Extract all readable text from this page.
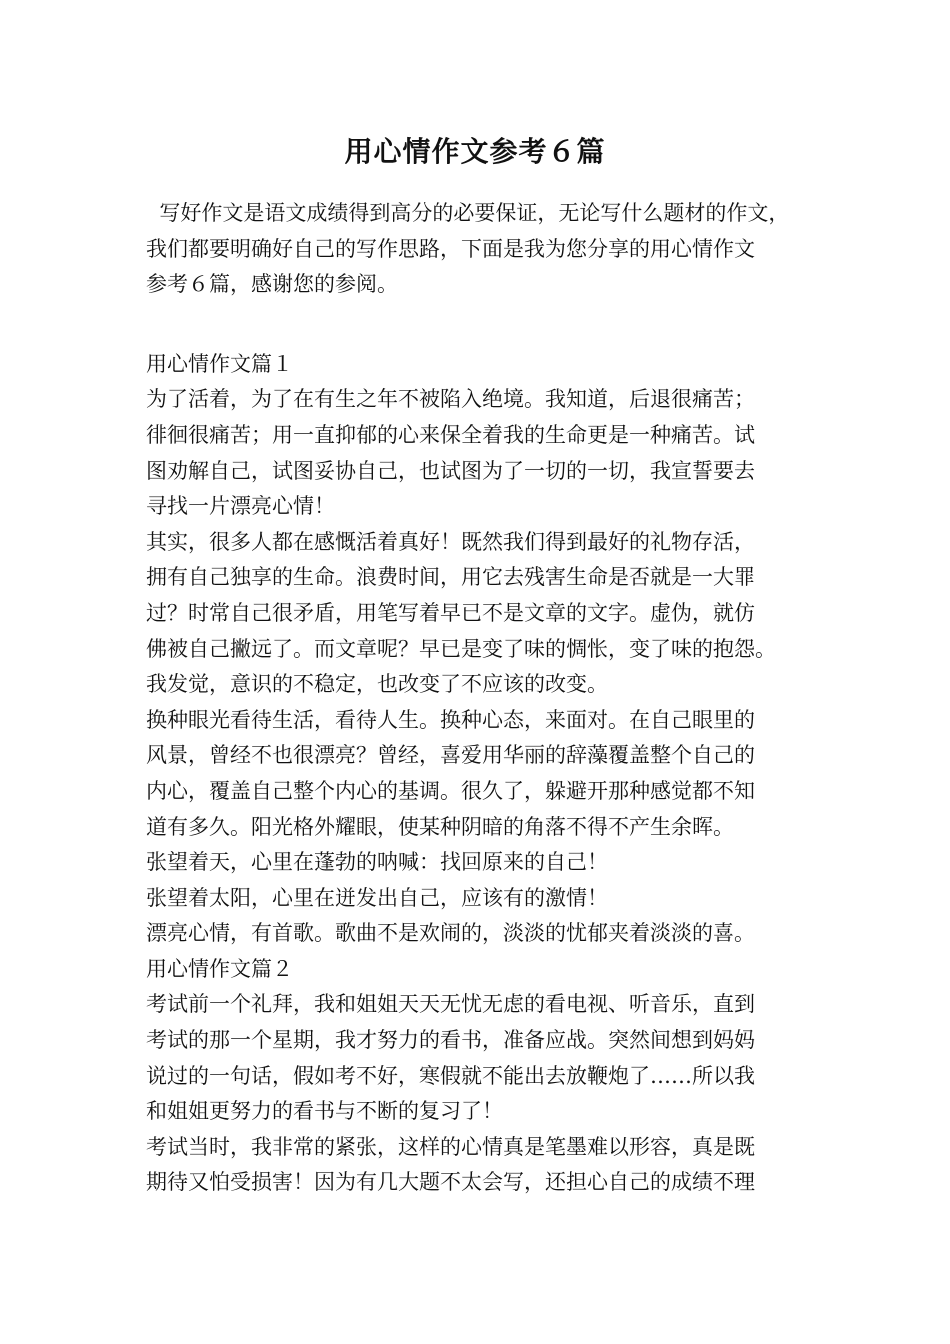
用心情作文参考６篇
写好作文是语文成绩得到高分的必要保证，无论写什么题材的作文，
我们都要明确好自己的写作思路，下面是我为您分享的用心情作文
参考６篇，感谢您的参阅。
用心情作文篇１
为了活着，为了在有生之年不被陷入绝境。我知道，后退很痛苦；
徘徊很痛苦；用一直抑郁的心来保全着我的生命更是一种痛苦。试
图劝解自己，试图妥协自己，也试图为了一切的一切，我宣誓要去
寻找一片漂亮心情！
其实，很多人都在感慨活着真好！既然我们得到最好的礼物存活，
拥有自己独享的生命。浪费时间，用它去残害生命是否就是一大罪
过？时常自己很矛盾，用笔写着早已不是文章的文字。虚伪，就仿
佛被自己撇远了。而文章呢？早已是变了味的惆怅，变了味的抱怨。
我发觉，意识的不稳定，也改变了不应该的改变。
换种眼光看待生活，看待人生。换种心态，来面对。在自己眼里的
风景，曾经不也很漂亮？曾经，喜爱用华丽的辞藻覆盖整个自己的
内心，覆盖自己整个内心的基调。很久了，躲避开那种感觉都不知
道有多久。阳光格外耀眼，使某种阴暗的角落不得不产生余晖。
张望着天，心里在蓬勃的呐喊：找回原来的自己！
张望着太阳，心里在迸发出自己，应该有的激情！
漂亮心情，有首歌。歌曲不是欢闹的，淡淡的忧郁夹着淡淡的喜。
用心情作文篇２
考试前一个礼拜，我和姐姐天天无忧无虑的看电视、听音乐，直到
考试的那一个星期，我才努力的看书，准备应战。突然间想到妈妈
说过的一句话，假如考不好，寒假就不能出去放鞭炮了……所以我
和姐姐更努力的看书与不断的复习了！
考试当时，我非常的紧张，这样的心情真是笔墨难以形容，真是既
期待又怕受损害！因为有几大题不太会写，还担心自己的成绩不理
